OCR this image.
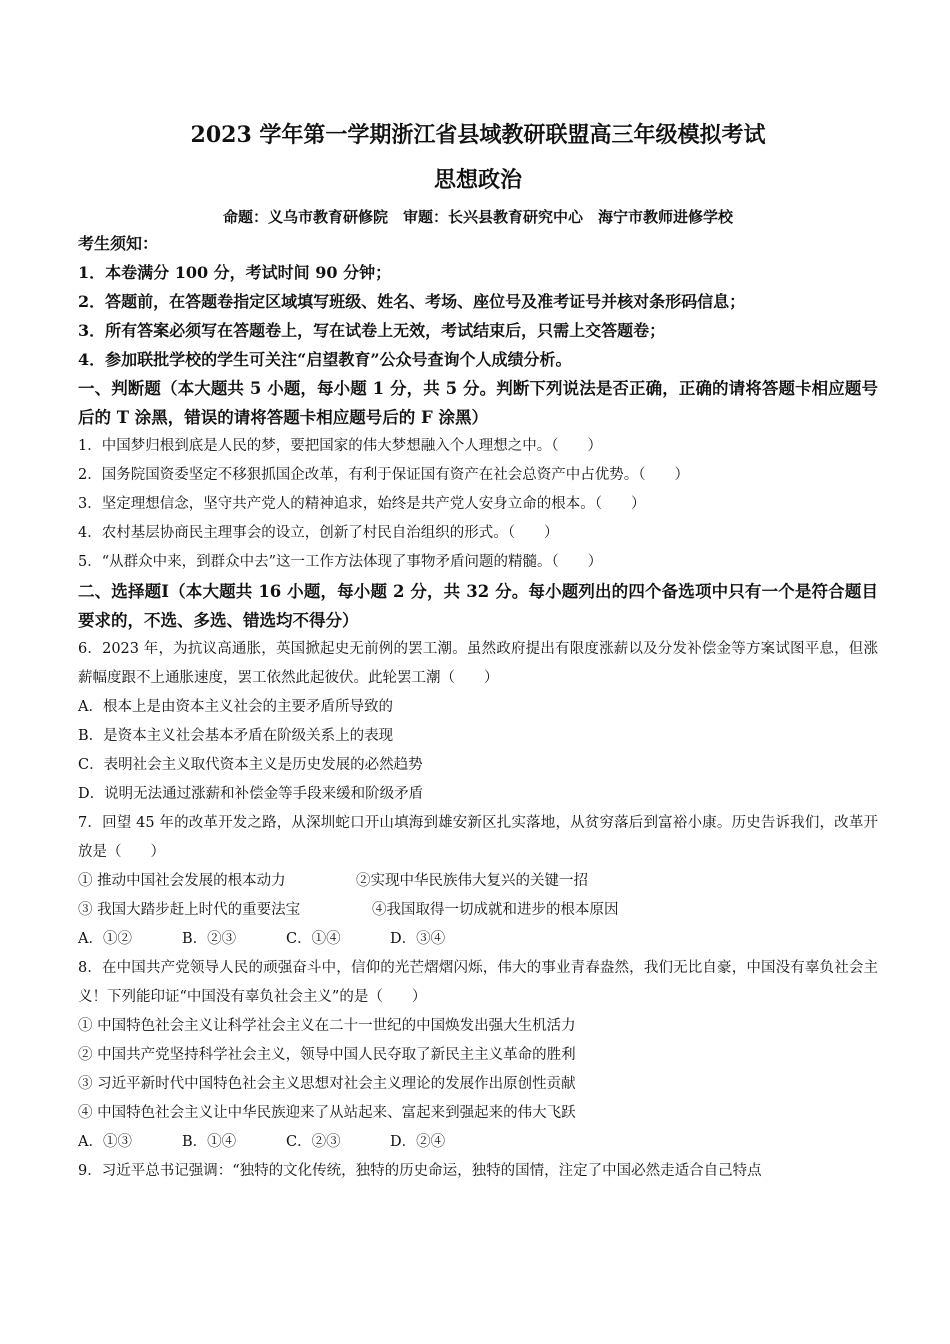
2023 学年第一学期浙江省县域教研联盟高三年级模拟考试
思想政治
命题：义乌市教育研修院　审题：长兴县教育研究中心　海宁市教师进修学校
考生须知：
1．本卷满分 100 分，考试时间 90 分钟；
2．答题前，在答题卷指定区域填写班级、姓名、考场、座位号及准考证号并核对条形码信息；
3．所有答案必须写在答题卷上，写在试卷上无效，考试结束后，只需上交答题卷；
4．参加联批学校的学生可关注“启望教育”公众号查询个人成绩分析。
一、判断题（本大题共 5 小题，每小题 1 分，共 5 分。判断下列说法是否正确，正确的请将答题卡相应题号后的 T 涂黑，错误的请将答题卡相应题号后的 F 涂黑）
1．中国梦归根到底是人民的梦，要把国家的伟大梦想融入个人理想之中。（　　）
2．国务院国资委坚定不移狠抓国企改革，有利于保证国有资产在社会总资产中占优势。（　　）
3．坚定理想信念，坚守共产党人的精神追求，始终是共产党人安身立命的根本。（　　）
4．农村基层协商民主理事会的设立，创新了村民自治组织的形式。（　　）
5．“从群众中来，到群众中去”这一工作方法体现了事物矛盾问题的精髓。（　　）
二、选择题Ⅰ（本大题共 16 小题，每小题 2 分，共 32 分。每小题列出的四个备选项中只有一个是符合题目要求的，不选、多选、错选均不得分）
6．2023 年，为抗议高通胀，英国掀起史无前例的罢工潮。虽然政府提出有限度涨薪以及分发补偿金等方案试图平息，但涨薪幅度跟不上通胀速度，罢工依然此起彼伏。此轮罢工潮（　　）
A．根本上是由资本主义社会的主要矛盾所导致的
B．是资本主义社会基本矛盾在阶级关系上的表现
C．表明社会主义取代资本主义是历史发展的必然趋势
D．说明无法通过涨薪和补偿金等手段来缓和阶级矛盾
7．回望 45 年的改革开发之路，从深圳蛇口开山填海到雄安新区扎实落地，从贫穷落后到富裕小康。历史告诉我们，改革开放是（　　）
① 推动中国社会发展的根本动力	②实现中华民族伟大复兴的关键一招
③ 我国大踏步赶上时代的重要法宝	④我国取得一切成就和进步的根本原因
A．①②	B．②③	C．①④	D．③④
8．在中国共产党领导人民的顽强奋斗中，信仰的光芒熠熠闪烁，伟大的事业青春盎然，我们无比自豪，中国没有辜负社会主义！下列能印证“中国没有辜负社会主义”的是（　　）
① 中国特色社会主义让科学社会主义在二十一世纪的中国焕发出强大生机活力
② 中国共产党坚持科学社会主义，领导中国人民夺取了新民主主义革命的胜利
③ 习近平新时代中国特色社会主义思想对社会主义理论的发展作出原创性贡献
④ 中国特色社会主义让中华民族迎来了从站起来、富起来到强起来的伟大飞跃
A．①③	B．①④	C．②③	D．②④
9．习近平总书记强调：“独特的文化传统，独特的历史命运，独特的国情，注定了中国必然走适合自己特点
